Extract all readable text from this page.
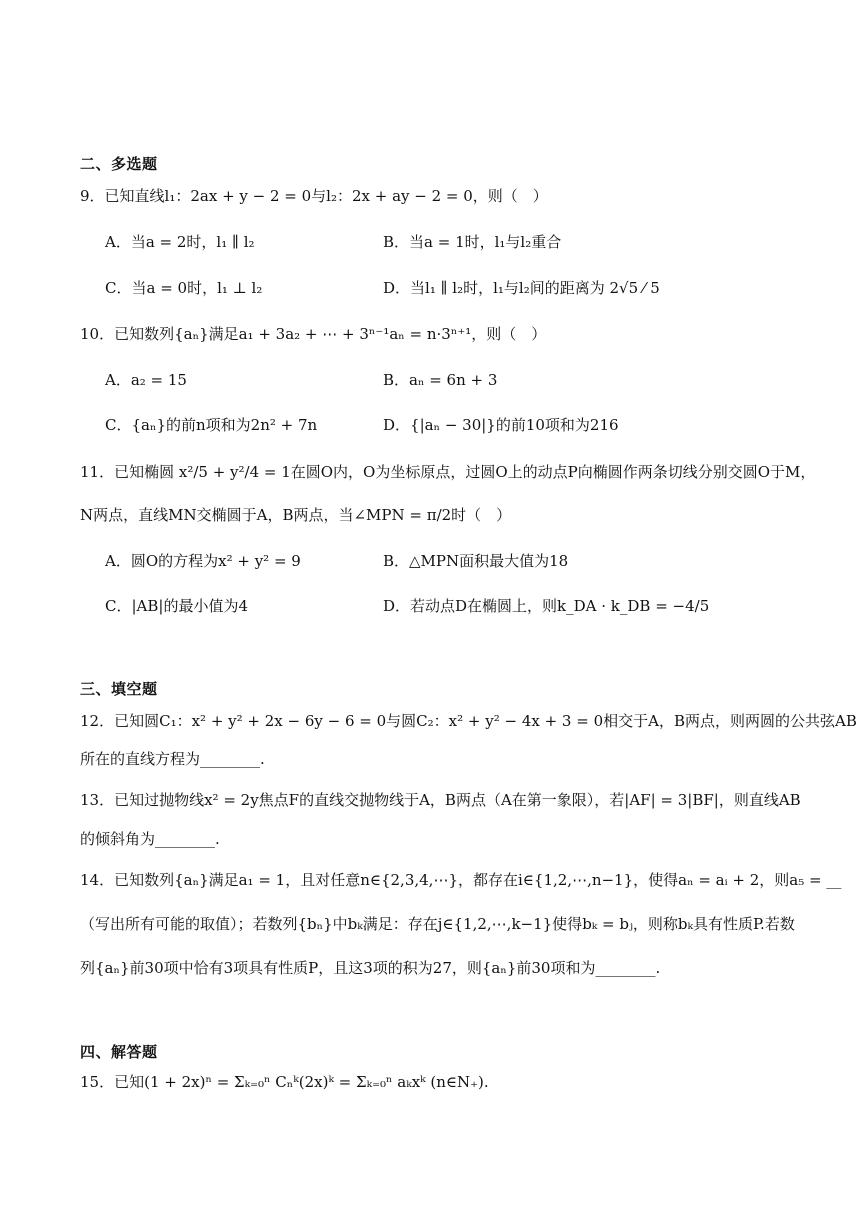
二、多选题
9．已知直线l₁：2ax + y − 2 = 0与l₂：2x + ay − 2 = 0，则（　）
A．当a = 2时，l₁ ∥ l₂	B．当a = 1时，l₁与l₂重合
C．当a = 0时，l₁ ⊥ l₂	D．当l₁ ∥ l₂时，l₁与l₂间的距离为 2√5 ⁄ 5
10．已知数列{aₙ}满足a₁ + 3a₂ + ⋯ + 3ⁿ⁻¹aₙ = n·3ⁿ⁺¹，则（　）
A．a₂ = 15	B．aₙ = 6n + 3
C．{aₙ}的前n项和为2n² + 7n	D．{|aₙ − 30|}的前10项和为216
11．已知椭圆 x²/5 + y²/4 = 1在圆O内，O为坐标原点，过圆O上的动点P向椭圆作两条切线分别交圆O于M，
N两点，直线MN交椭圆于A，B两点，当∠MPN = π/2时（　）
A．圆O的方程为x² + y² = 9	B．△MPN面积最大值为18
C．|AB|的最小值为4	D．若动点D在椭圆上，则k_DA · k_DB = −4/5
三、填空题
12．已知圆C₁：x² + y² + 2x − 6y − 6 = 0与圆C₂：x² + y² − 4x + 3 = 0相交于A，B两点，则两圆的公共弦AB
所在的直线方程为________.
13．已知过抛物线x² = 2y焦点F的直线交抛物线于A，B两点（A在第一象限），若|AF| = 3|BF|，则直线AB
的倾斜角为________.
14．已知数列{aₙ}满足a₁ = 1，且对任意n∈{2,3,4,⋯}，都存在i∈{1,2,⋯,n−1}，使得aₙ = aᵢ + 2，则a₅ = __
（写出所有可能的取值）；若数列{bₙ}中bₖ满足：存在j∈{1,2,⋯,k−1}使得bₖ = bⱼ，则称bₖ具有性质P.若数
列{aₙ}前30项中恰有3项具有性质P，且这3项的积为27，则{aₙ}前30项和为________.
四、解答题
15．已知(1 + 2x)ⁿ = Σₖ₌₀ⁿ Cₙᵏ(2x)ᵏ = Σₖ₌₀ⁿ aₖxᵏ (n∈N₊).
